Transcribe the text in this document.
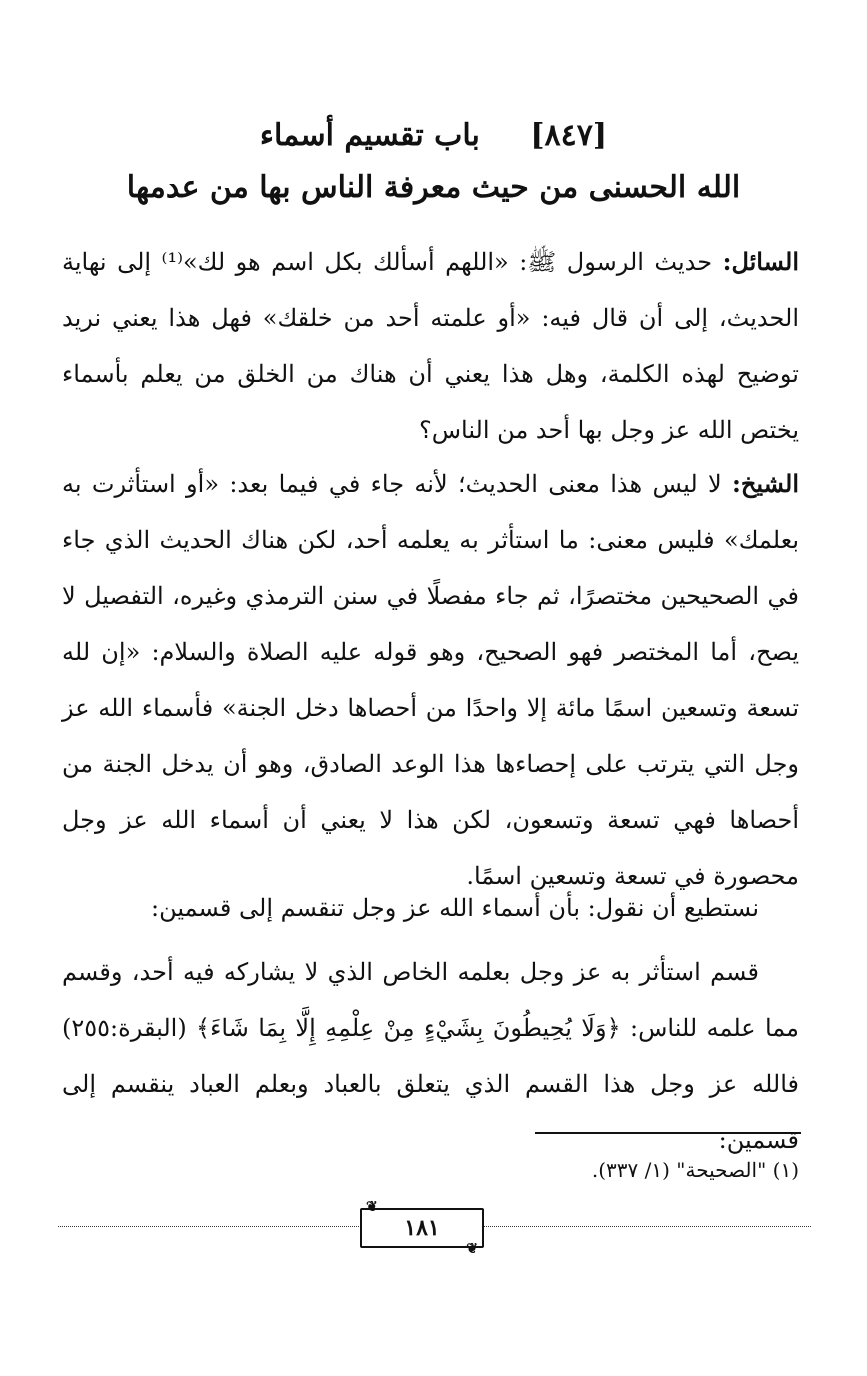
[٨٤٧] باب تقسيم أسماء
الله الحسنى من حيث معرفة الناس بها من عدمها
السائل: حديث الرسول ﷺ: «اللهم أسألك بكل اسم هو لك»⁽¹⁾ إلى نهاية الحديث، إلى أن قال فيه: «أو علمته أحد من خلقك» فهل هذا يعني نريد توضيح لهذه الكلمة، وهل هذا يعني أن هناك من الخلق من يعلم بأسماء يختص الله عز وجل بها أحد من الناس؟
الشيخ: لا ليس هذا معنى الحديث؛ لأنه جاء في فيما بعد: «أو استأثرت به بعلمك» فليس معنى: ما استأثر به يعلمه أحد، لكن هناك الحديث الذي جاء في الصحيحين مختصرًا، ثم جاء مفصلًا في سنن الترمذي وغيره، التفصيل لا يصح، أما المختصر فهو الصحيح، وهو قوله عليه الصلاة والسلام: «إن لله تسعة وتسعين اسمًا مائة إلا واحدًا من أحصاها دخل الجنة» فأسماء الله عز وجل التي يترتب على إحصاءها هذا الوعد الصادق، وهو أن يدخل الجنة من أحصاها فهي تسعة وتسعون، لكن هذا لا يعني أن أسماء الله عز وجل محصورة في تسعة وتسعين اسمًا.
نستطيع أن نقول: بأن أسماء الله عز وجل تنقسم إلى قسمين:
قسم استأثر به عز وجل بعلمه الخاص الذي لا يشاركه فيه أحد، وقسم مما علمه للناس: ﴿وَلَا يُحِيطُونَ بِشَيْءٍ مِنْ عِلْمِهِ إِلَّا بِمَا شَاءَ﴾ (البقرة:٢٥٥) فالله عز وجل هذا القسم الذي يتعلق بالعباد وبعلم العباد ينقسم إلى قسمين:
(١) "الصحيحة" (١/ ٣٣٧).
❦
١٨١
❦
